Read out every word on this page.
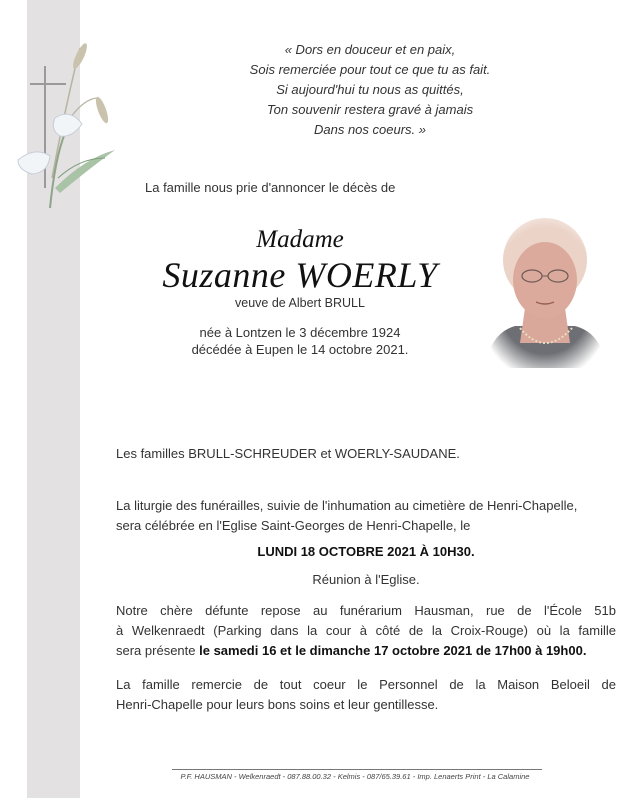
« Dors en douceur et en paix,
Sois remerciée pour tout ce que tu as fait.
Si aujourd'hui tu nous as quittés,
Ton souvenir restera gravé à jamais
Dans nos coeurs. »
La famille nous prie d'annoncer le décès de
Madame
Suzanne WOERLY
veuve de Albert BRULL
née à Lontzen le 3 décembre 1924
décédée à Eupen le 14 octobre 2021.
Les familles BRULL-SCHREUDER et WOERLY-SAUDANE.
La liturgie des funérailles, suivie de l'inhumation au cimetière de Henri-Chapelle,
sera célébrée en l'Eglise Saint-Georges de Henri-Chapelle, le
LUNDI 18 OCTOBRE 2021 À 10H30.
Réunion à l'Eglise.
Notre chère défunte repose au funérarium Hausman, rue de l'École 51b
à Welkenraedt (Parking dans la cour à côté de la Croix-Rouge) où la famille
sera présente le samedi 16 et le dimanche 17 octobre 2021 de 17h00 à 19h00.
La famille remercie de tout coeur le Personnel de la Maison Beloeil de
Henri-Chapelle pour leurs bons soins et leur gentillesse.
P.F. HAUSMAN - Welkenraedt - 087.88.00.32 - Kelmis - 087/65.39.61 - Imp. Lenaerts Print - La Calamine
